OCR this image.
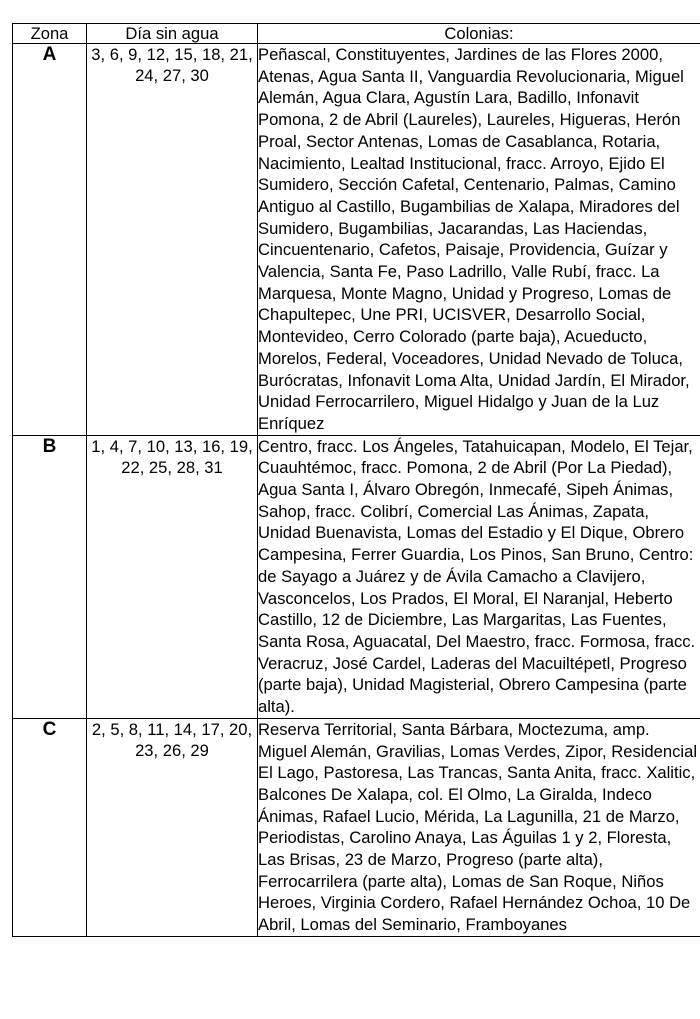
Zona	Día sin agua	Colonias:
A	3, 6, 9, 12, 15, 18, 21, 24, 27, 30	Peñascal, Constituyentes, Jardines de las Flores 2000, Atenas, Agua Santa II, Vanguardia Revolucionaria, Miguel Alemán, Agua Clara, Agustín Lara, Badillo, Infonavit Pomona, 2 de Abril (Laureles), Laureles, Higueras, Herón Proal, Sector Antenas, Lomas de Casablanca, Rotaria, Nacimiento, Lealtad Institucional, fracc. Arroyo, Ejido El Sumidero, Sección Cafetal, Centenario, Palmas, Camino Antiguo al Castillo, Bugambilias de Xalapa, Miradores del Sumidero, Bugambilias, Jacarandas, Las Haciendas, Cincuentenario, Cafetos, Paisaje, Providencia, Guízar y Valencia, Santa Fe, Paso Ladrillo, Valle Rubí, fracc. La Marquesa, Monte Magno, Unidad y Progreso, Lomas de Chapultepec, Une PRI, UCISVER, Desarrollo Social, Montevideo, Cerro Colorado (parte baja), Acueducto, Morelos, Federal, Voceadores, Unidad Nevado de Toluca, Burócratas, Infonavit Loma Alta, Unidad Jardín, El Mirador, Unidad Ferrocarrilero, Miguel Hidalgo y Juan de la Luz Enríquez
B	1, 4, 7, 10, 13, 16, 19, 22, 25, 28, 31	Centro, fracc. Los Ángeles, Tatahuicapan, Modelo, El Tejar, Cuauhtémoc, fracc. Pomona, 2 de Abril (Por La Piedad), Agua Santa I, Álvaro Obregón, Inmecafé, Sipeh Ánimas, Sahop, fracc. Colibrí, Comercial Las Ánimas, Zapata, Unidad Buenavista, Lomas del Estadio y El Dique, Obrero Campesina, Ferrer Guardia, Los Pinos, San Bruno, Centro: de Sayago a Juárez y de Ávila Camacho a Clavijero, Vasconcelos, Los Prados, El Moral, El Naranjal, Heberto Castillo, 12 de Diciembre, Las Margaritas, Las Fuentes, Santa Rosa, Aguacatal, Del Maestro, fracc. Formosa, fracc. Veracruz, José Cardel, Laderas del Macuiltépetl, Progreso (parte baja), Unidad Magisterial, Obrero Campesina (parte alta).
C	2, 5, 8, 11, 14, 17, 20, 23, 26, 29	Reserva Territorial, Santa Bárbara, Moctezuma, amp. Miguel Alemán, Gravilias, Lomas Verdes, Zipor, Residencial El Lago, Pastoresa, Las Trancas, Santa Anita, fracc. Xalitic, Balcones De Xalapa, col. El Olmo, La Giralda, Indeco Ánimas, Rafael Lucio, Mérida, La Lagunilla, 21 de Marzo, Periodistas, Carolino Anaya, Las Águilas 1 y 2, Floresta, Las Brisas, 23 de Marzo, Progreso (parte alta), Ferrocarrilera (parte alta), Lomas de San Roque, Niños Heroes, Virginia Cordero, Rafael Hernández Ochoa, 10 De Abril, Lomas del Seminario, Framboyanes
